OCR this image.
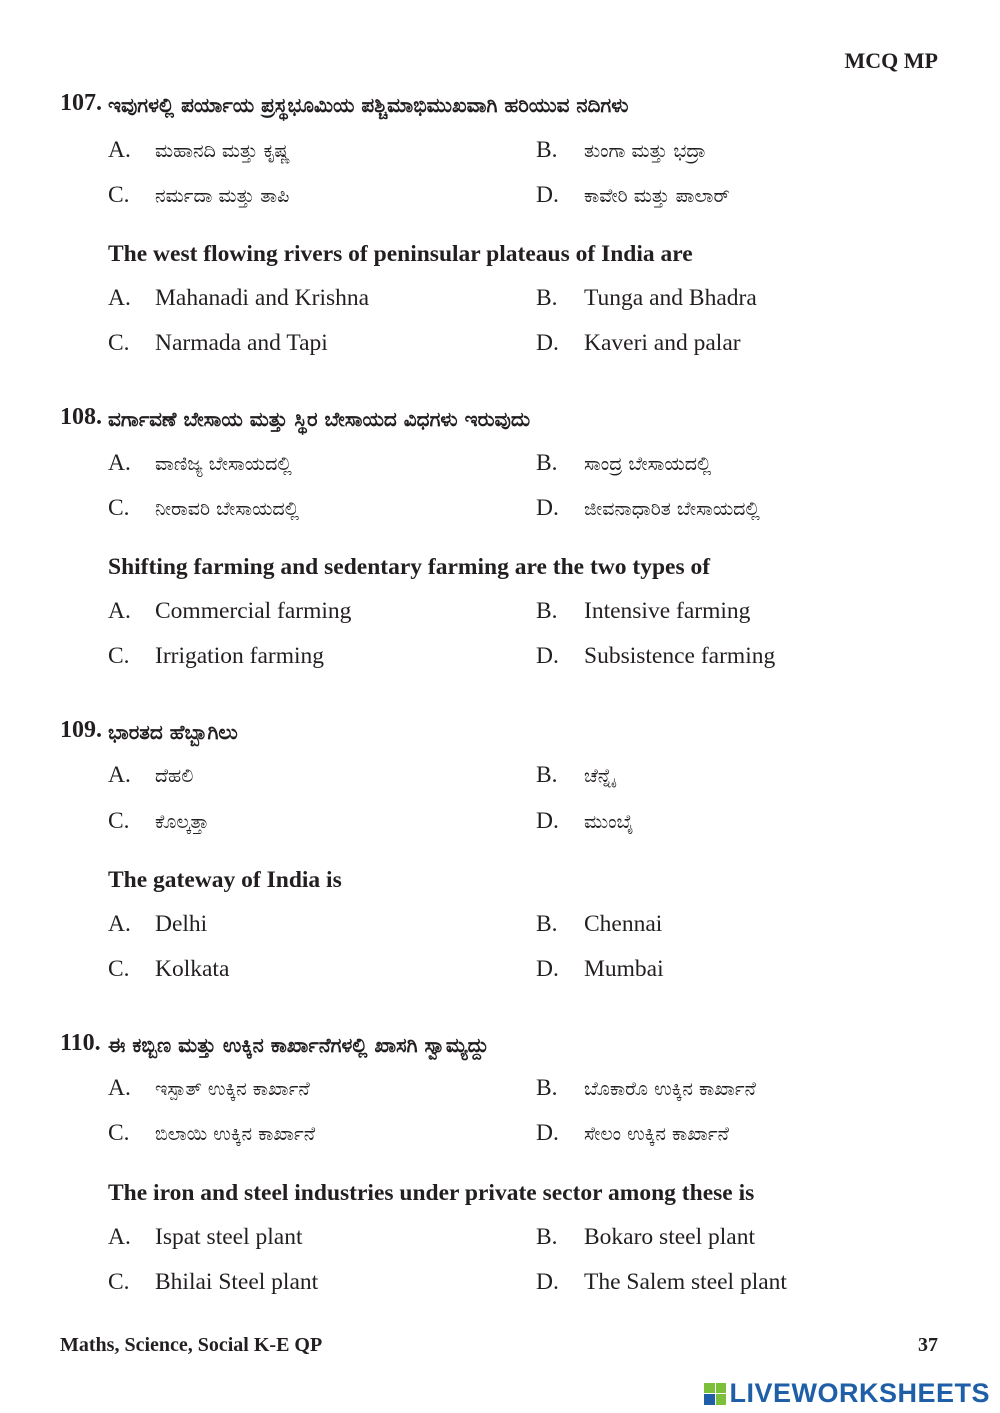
MCQ MP
107. ಇವುಗಳಲ್ಲಿ ಪರ್ಯಾಯ ಪ್ರಸ್ಥಭೂಮಿಯ ಪಶ್ಚಿಮಾಭಿಮುಖವಾಗಿ ಹರಿಯುವ ನದಿಗಳು
A. ಮಹಾನದಿ ಮತ್ತು ಕೃಷ್ಣ	B. ತುಂಗಾ ಮತ್ತು ಭದ್ರಾ
C. ನರ್ಮದಾ ಮತ್ತು ತಾಪಿ	D. ಕಾವೇರಿ ಮತ್ತು ಪಾಲಾರ್
The west flowing rivers of peninsular plateaus of India are
A. Mahanadi and Krishna	B. Tunga and Bhadra
C. Narmada and Tapi	D. Kaveri and palar
108. ವರ್ಗಾವಣೆ ಬೇಸಾಯ ಮತ್ತು ಸ್ಥಿರ ಬೇಸಾಯದ ವಿಧಗಳು ಇರುವುದು
A. ವಾಣಿಜ್ಯ ಬೇಸಾಯದಲ್ಲಿ	B. ಸಾಂದ್ರ ಬೇಸಾಯದಲ್ಲಿ
C. ನೀರಾವರಿ ಬೇಸಾಯದಲ್ಲಿ	D. ಜೀವನಾಧಾರಿತ ಬೇಸಾಯದಲ್ಲಿ
Shifting farming and sedentary farming are the two types of
A. Commercial farming	B. Intensive farming
C. Irrigation farming	D. Subsistence farming
109. ಭಾರತದ ಹೆಬ್ಬಾಗಿಲು
A. ದೆಹಲಿ	B. ಚೆನ್ನೈ
C. ಕೊಲ್ಕತ್ತಾ	D. ಮುಂಬೈ
The gateway of India is
A. Delhi	B. Chennai
C. Kolkata	D. Mumbai
110. ಈ ಕಬ್ಬಿಣ ಮತ್ತು ಉಕ್ಕಿನ ಕಾರ್ಖಾನೆಗಳಲ್ಲಿ ಖಾಸಗಿ ಸ್ವಾಮ್ಯದ್ದು
A. ಇಸ್ಪಾತ್ ಉಕ್ಕಿನ ಕಾರ್ಖಾನೆ	B. ಬೊಕಾರೊ ಉಕ್ಕಿನ ಕಾರ್ಖಾನೆ
C. ಬಿಲಾಯಿ ಉಕ್ಕಿನ ಕಾರ್ಖಾನೆ	D. ಸೇಲಂ ಉಕ್ಕಿನ ಕಾರ್ಖಾನೆ
The iron and steel industries under private sector among these is
A. Ispat steel plant	B. Bokaro steel plant
C. Bhilai Steel plant	D. The Salem steel plant
Maths, Science, Social K-E QP	37
LIVEWORKSHEETS
